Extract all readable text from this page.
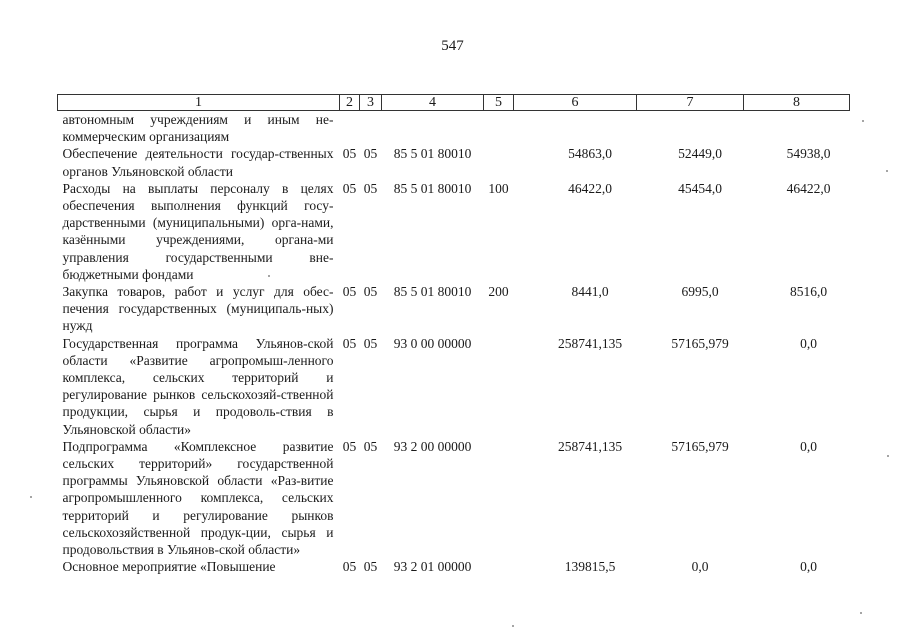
547
1	2	3	4	5	6	7	8
автономным учреждениям и иным не-коммерческим организациям							
Обеспечение деятельности государ-ственных органов Ульяновской области	05	05	85 5 01 80010		54863,0	52449,0	54938,0
Расходы на выплаты персоналу в целях обеспечения выполнения функций госу-дарственными (муниципальными) орга-нами, казёнными учреждениями, органа-ми управления государственными вне-бюджетными фондами	05	05	85 5 01 80010	100	46422,0	45454,0	46422,0
Закупка товаров, работ и услуг для обес-печения государственных (муниципаль-ных) нужд	05	05	85 5 01 80010	200	8441,0	6995,0	8516,0
Государственная программа Ульянов-ской области «Развитие агропромыш-ленного комплекса, сельских территорий и регулирование рынков сельскохозяй-ственной продукции, сырья и продоволь-ствия в Ульяновской области»	05	05	93 0 00 00000		258741,135	57165,979	0,0
Подпрограмма «Комплексное развитие сельских территорий» государственной программы Ульяновской области «Раз-витие агропромышленного комплекса, сельских территорий и регулирование рынков сельскохозяйственной продук-ции, сырья и продовольствия в Ульянов-ской области»	05	05	93 2 00 00000		258741,135	57165,979	0,0
Основное мероприятие «Повышение	05	05	93 2 01 00000		139815,5	0,0	0,0
